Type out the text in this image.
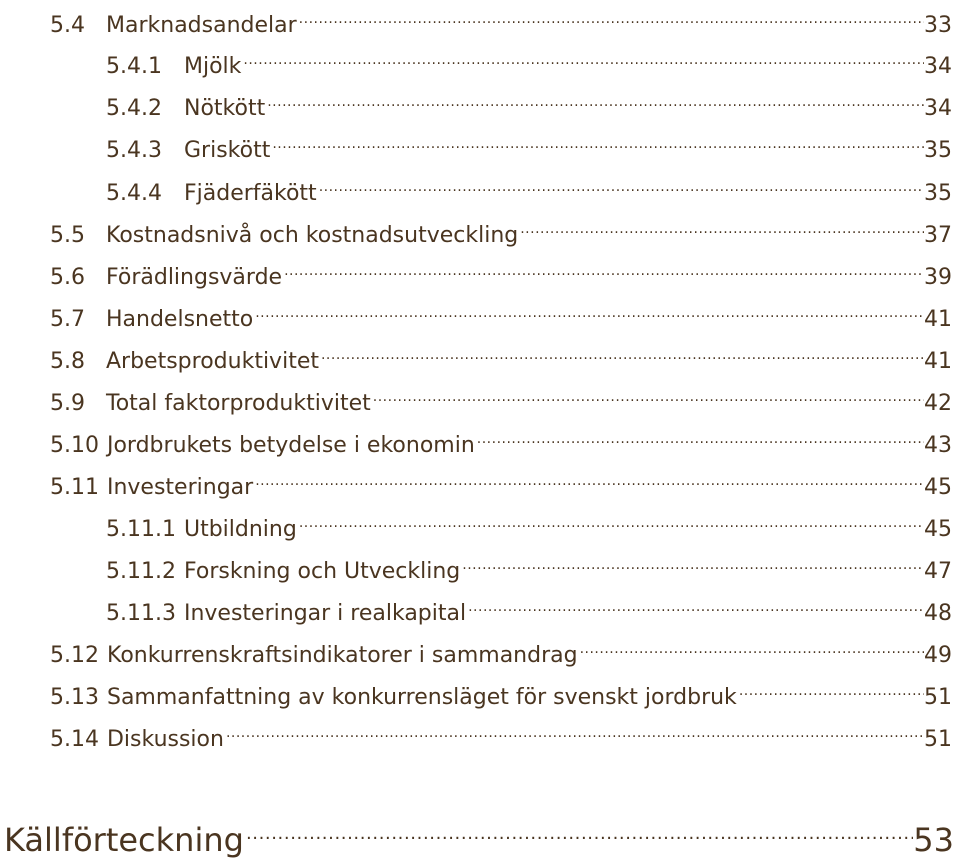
5.4 Marknadsandelar .....	33
5.4.1	Mjölk .....	34
5.4.2	Nötkött .....	34
5.4.3	Griskött .....	35
5.4.4	Fjäderfäkött .....	35
5.5 Kostnadsnivå och kostnadsutveckling .....	37
5.6 Förädlingsvärde .....	39
5.7 Handelsnetto .....	41
5.8 Arbetsproduktivitet .....	41
5.9 Total faktorproduktivitet .....	42
5.10 Jordbrukets betydelse i ekonomin .....	43
5.11 Investeringar .....	45
5.11.1 Utbildning .....	45
5.11.2 Forskning och Utveckling .....	47
5.11.3 Investeringar i realkapital .....	48
5.12 Konkurrenskraftsindikatorer i sammandrag .....	49
5.13 Sammanfattning av konkurrensläget för svenskt jordbruk .....	51
5.14 Diskussion .....	51
Källförteckning .....	53
